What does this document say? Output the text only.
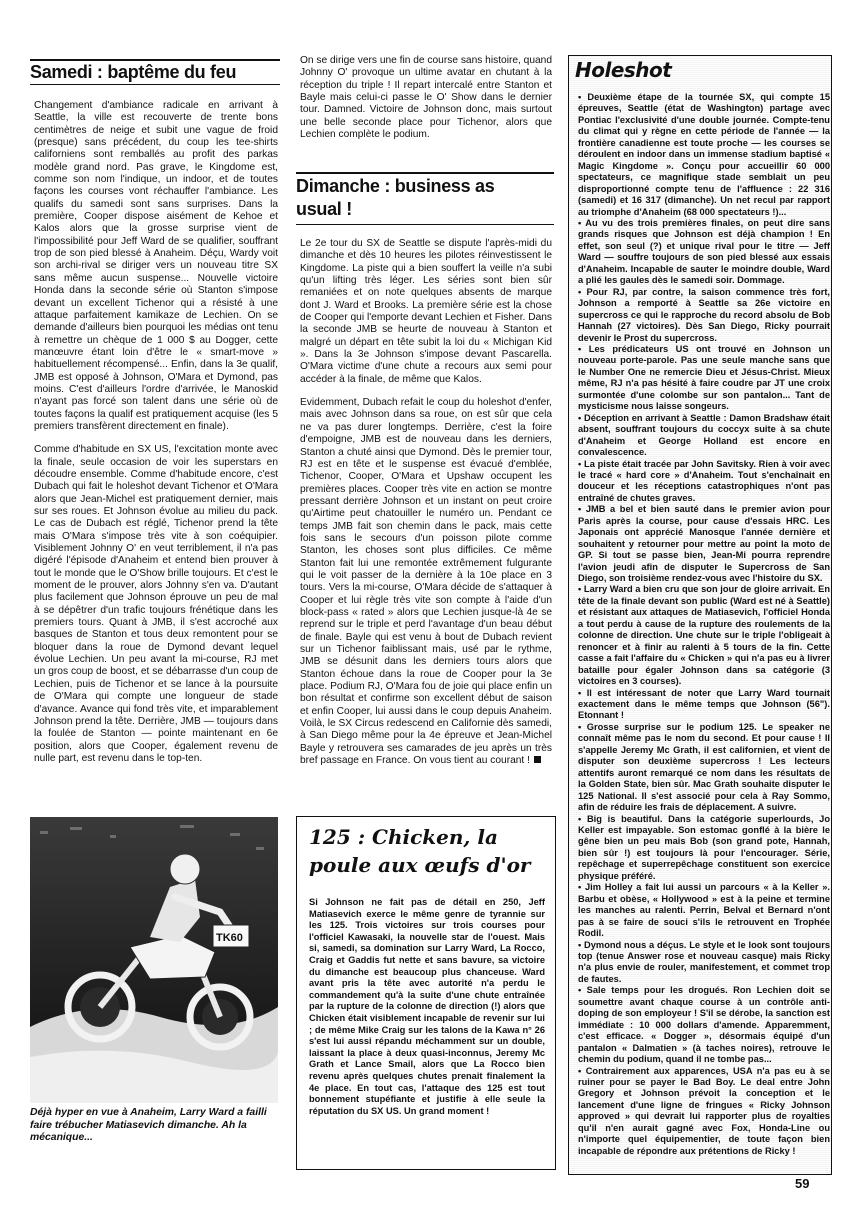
Samedi : baptême du feu

Changement d'ambiance radicale en arrivant à Seattle, la ville est recouverte de trente bons centimètres de neige et subit une vague de froid (presque) sans précédent, du coup les tee-shirts californiens sont remballés au profit des parkas modèle grand nord. Pas grave, le Kingdome est, comme son nom l'indique, un indoor, et de toutes façons les courses vont réchauffer l'ambiance. Les qualifs du samedi sont sans surprises. Dans la première, Cooper dispose aisément de Kehoe et Kalos alors que la grosse surprise vient de l'impossibilité pour Jeff Ward de se qualifier, souffrant trop de son pied blessé à Anaheim. Déçu, Wardy voit son archi-rival se diriger vers un nouveau titre SX sans même aucun suspense... Nouvelle victoire Honda dans la seconde série où Stanton s'impose devant un excellent Tichenor qui a résisté à une attaque parfaitement kamikaze de Lechien. On se demande d'ailleurs bien pourquoi les médias ont tenu à remettre un chèque de 1 000 $ au Dogger, cette manœuvre étant loin d'être le « smart-move » habituellement récompensé... Enfin, dans la 3e qualif, JMB est opposé à Johnson, O'Mara et Dymond, pas moins. C'est d'ailleurs l'ordre d'arrivée, le Manoskid n'ayant pas forcé son talent dans une série où de toutes façons la qualif est pratiquement acquise (les 5 premiers transfèrent directement en finale).

Comme d'habitude en SX US, l'excitation monte avec la finale, seule occasion de voir les superstars en découdre ensemble. Comme d'habitude encore, c'est Dubach qui fait le holeshot devant Tichenor et O'Mara alors que Jean-Michel est pratiquement dernier, mais sur ses roues. Et Johnson évolue au milieu du pack. Le cas de Dubach est réglé, Tichenor prend la tête mais O'Mara s'impose très vite à son coéquipier. Visiblement Johnny O' en veut terriblement, il n'a pas digéré l'épisode d'Anaheim et entend bien prouver à tout le monde que le O'Show brille toujours. Et c'est le moment de le prouver, alors Johnny s'en va. D'autant plus facilement que Johnson éprouve un peu de mal à se dépêtrer d'un trafic toujours frénétique dans les premiers tours. Quant à JMB, il s'est accroché aux basques de Stanton et tous deux remontent pour se bloquer dans la roue de Dymond devant lequel évolue Lechien. Un peu avant la mi-course, RJ met un gros coup de boost, et se débarrasse d'un coup de Lechien, puis de Tichenor et se lance à la poursuite de O'Mara qui compte une longueur de stade d'avance. Avance qui fond très vite, et imparablement Johnson prend la tête. Derrière, JMB — toujours dans la foulée de Stanton — pointe maintenant en 6e position, alors que Cooper, également revenu de nulle part, est revenu dans le top-ten.

TK60
Déjà hyper en vue à Anaheim, Larry Ward a failli faire trébucher Matiasevich dimanche. Ah la mécanique...

On se dirige vers une fin de course sans histoire, quand Johnny O' provoque un ultime avatar en chutant à la réception du triple ! Il repart intercalé entre Stanton et Bayle mais celui-ci passe le O' Show dans le dernier tour. Damned. Victoire de Johnson donc, mais surtout une belle seconde place pour Tichenor, alors que Lechien complète le podium.

Dimanche : business as usual !

Le 2e tour du SX de Seattle se dispute l'après-midi du dimanche et dès 10 heures les pilotes réinvestissent le Kingdome. La piste qui a bien souffert la veille n'a subi qu'un lifting très léger. Les séries sont bien sûr remaniées et on note quelques absents de marque dont J. Ward et Brooks. La première série est la chose de Cooper qui l'emporte devant Lechien et Fisher. Dans la seconde JMB se heurte de nouveau à Stanton et malgré un départ en tête subit la loi du « Michigan Kid ». Dans la 3e Johnson s'impose devant Pascarella. O'Mara victime d'une chute a recours aux semi pour accéder à la finale, de même que Kalos.

Evidemment, Dubach refait le coup du holeshot d'enfer, mais avec Johnson dans sa roue, on est sûr que cela ne va pas durer longtemps. Derrière, c'est la foire d'empoigne, JMB est de nouveau dans les derniers, Stanton a chuté ainsi que Dymond. Dès le premier tour, RJ est en tête et le suspense est évacué d'emblée, Tichenor, Cooper, O'Mara et Upshaw occupent les premières places. Cooper très vite en action se montre pressant derrière Johnson et un instant on peut croire qu'Airtime peut chatouiller le numéro un. Pendant ce temps JMB fait son chemin dans le pack, mais cette fois sans le secours d'un poisson pilote comme Stanton, les choses sont plus difficiles. Ce même Stanton fait lui une remontée extrêmement fulgurante qui le voit passer de la dernière à la 10e place en 3 tours. Vers la mi-course, O'Mara décide de s'attaquer à Cooper et lui règle très vite son compte à l'aide d'un block-pass « rated » alors que Lechien jusque-là 4e se reprend sur le triple et perd l'avantage d'un beau début de finale. Bayle qui est venu à bout de Dubach revient sur un Tichenor faiblissant mais, usé par le rythme, JMB se désunit dans les derniers tours alors que Stanton échoue dans la roue de Cooper pour la 3e place. Podium RJ, O'Mara fou de joie qui place enfin un bon résultat et confirme son excellent début de saison et enfin Cooper, lui aussi dans le coup depuis Anaheim. Voilà, le SX Circus redescend en Californie dès samedi, à San Diego même pour la 4e épreuve et Jean-Michel Bayle y retrouvera ses camarades de jeu après un très bref passage en France. On vous tient au courant !

125 : Chicken, la poule aux œufs d'or
Si Johnson ne fait pas de détail en 250, Jeff Matiasevich exerce le même genre de tyrannie sur les 125. Trois victoires sur trois courses pour l'officiel Kawasaki, la nouvelle star de l'ouest. Mais si, samedi, sa domination sur Larry Ward, La Rocco, Craig et Gaddis fut nette et sans bavure, sa victoire du dimanche est beaucoup plus chanceuse. Ward avant pris la tête avec autorité n'a perdu le commandement qu'à la suite d'une chute entraînée par la rupture de la colonne de direction (!) alors que Chicken était visiblement incapable de revenir sur lui ; de même Mike Craig sur les talons de la Kawa n° 26 s'est lui aussi répandu méchamment sur un double, laissant la place à deux quasi-inconnus, Jeremy Mc Grath et Lance Smail, alors que La Rocco bien revenu après quelques chutes prenait finalement la 4e place. En tout cas, l'attaque des 125 est tout bonnement stupéfiante et justifie à elle seule la réputation du SX US. Un grand moment !
Holeshot

• Deuxième étape de la tournée SX, qui compte 15 épreuves, Seattle (état de Washington) partage avec Pontiac l'exclusivité d'une double journée. Compte-tenu du climat qui y règne en cette période de l'année — la frontière canadienne est toute proche — les courses se déroulent en indoor dans un immense stadium baptisé « Magic Kingdome ». Conçu pour accueillir 60 000 spectateurs, ce magnifique stade semblait un peu disproportionné compte tenu de l'affluence : 22 316 (samedi) et 16 317 (dimanche). Un net recul par rapport au triomphe d'Anaheim (68 000 spectateurs !)...

• Au vu des trois premières finales, on peut dire sans grands risques que Johnson est déjà champion ! En effet, son seul (?) et unique rival pour le titre — Jeff Ward — souffre toujours de son pied blessé aux essais d'Anaheim. Incapable de sauter le moindre double, Ward a plié les gaules dès le samedi soir. Dommage.

• Pour RJ, par contre, la saison commence très fort, Johnson a remporté à Seattle sa 26e victoire en supercross ce qui le rapproche du record absolu de Bob Hannah (27 victoires). Dès San Diego, Ricky pourrait devenir le Prost du supercross.

• Les prédicateurs US ont trouvé en Johnson un nouveau porte-parole. Pas une seule manche sans que le Number One ne remercie Dieu et Jésus-Christ. Mieux même, RJ n'a pas hésité à faire coudre par JT une croix surmontée d'une colombe sur son pantalon... Tant de mysticisme nous laisse songeurs.

• Déception en arrivant à Seattle : Damon Bradshaw était absent, souffrant toujours du coccyx suite à sa chute d'Anaheim et George Holland est encore en convalescence.

• La piste était tracée par John Savitsky. Rien à voir avec le tracé « hard core » d'Anaheim. Tout s'enchaînait en douceur et les réceptions catastrophiques n'ont pas entraîné de chutes graves.

• JMB a bel et bien sauté dans le premier avion pour Paris après la course, pour cause d'essais HRC. Les Japonais ont apprécié Manosque l'année dernière et souhaitent y retourner pour mettre au point la moto de GP. Si tout se passe bien, Jean-Mi pourra reprendre l'avion jeudi afin de disputer le Supercross de San Diego, son troisième rendez-vous avec l'histoire du SX.

• Larry Ward a bien cru que son jour de gloire arrivait. En tête de la finale devant son public (Ward est né à Seattle) et résistant aux attaques de Matiasevich, l'officiel Honda a tout perdu à cause de la rupture des roulements de la colonne de direction. Une chute sur le triple l'obligeait à renoncer et à finir au ralenti à 5 tours de la fin. Cette casse a fait l'affaire du « Chicken » qui n'a pas eu à livrer bataille pour égaler Johnson dans sa catégorie (3 victoires en 3 courses).

• Il est intéressant de noter que Larry Ward tournait exactement dans le même temps que Johnson (56"). Etonnant !

• Grosse surprise sur le podium 125. Le speaker ne connaît même pas le nom du second. Et pour cause ! Il s'appelle Jeremy Mc Grath, il est californien, et vient de disputer son deuxième supercross ! Les lecteurs attentifs auront remarqué ce nom dans les résultats de la Golden State, bien sûr. Mac Grath souhaite disputer le 125 National. Il s'est associé pour cela à Ray Sommo, afin de réduire les frais de déplacement. A suivre.

• Big is beautiful. Dans la catégorie superlourds, Jo Keller est impayable. Son estomac gonflé à la bière le gêne bien un peu mais Bob (son grand pote, Hannah, bien sûr !) est toujours là pour l'encourager. Série, repêchage et superrepêchage constituent son exercice physique préféré.

• Jim Holley a fait lui aussi un parcours « à la Keller ». Barbu et obèse, « Hollywood » est à la peine et termine les manches au ralenti. Perrin, Belval et Bernard n'ont pas à se faire de souci s'ils le retrouvent en Trophée Rodil.

• Dymond nous a déçus. Le style et le look sont toujours top (tenue Answer rose et nouveau casque) mais Ricky n'a plus envie de rouler, manifestement, et commet trop de fautes.

• Sale temps pour les drogués. Ron Lechien doit se soumettre avant chaque course à un contrôle anti-doping de son employeur ! S'il se dérobe, la sanction est immédiate : 10 000 dollars d'amende. Apparemment, c'est efficace. « Dogger », désormais équipé d'un pantalon « Dalmatien » (à taches noires), retrouve le chemin du podium, quand il ne tombe pas...

• Contrairement aux apparences, USA n'a pas eu à se ruiner pour se payer le Bad Boy. Le deal entre John Gregory et Johnson prévoit la conception et le lancement d'une ligne de fringues « Ricky Johnson approved » qui devrait lui rapporter plus de royalties qu'il n'en aurait gagné avec Fox, Honda-Line ou n'importe quel équipementier, de toute façon bien incapable de répondre aux prétentions de Ricky !

59
